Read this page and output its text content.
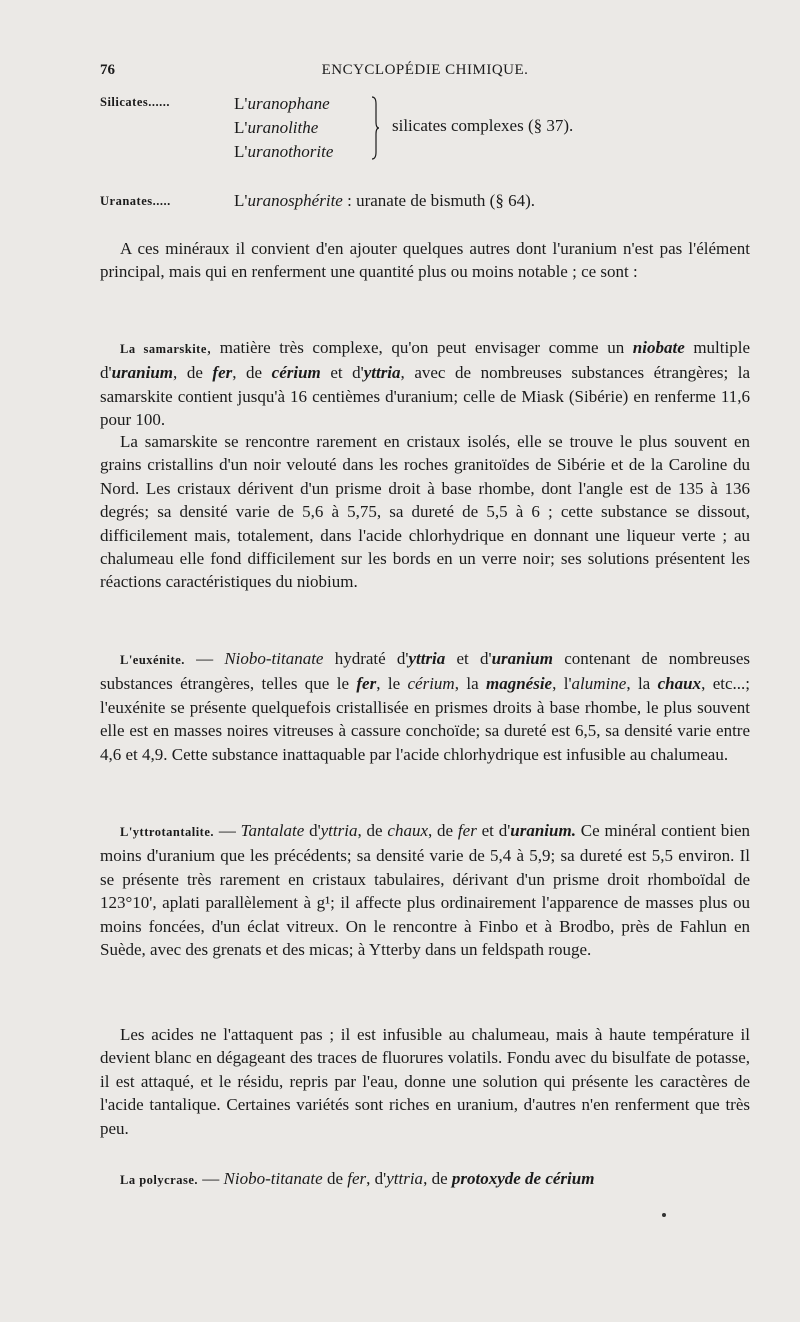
76	ENCYCLOPÉDIE CHIMIQUE.
Silicates......	L'uranophane
L'uranolithe
L'uranothorite
silicates complexes (§ 37).
Uranates.....	L'uranosphérite : uranate de bismuth (§ 64).
A ces minéraux il convient d'en ajouter quelques autres dont l'uranium n'est pas l'élément principal, mais qui en renferment une quantité plus ou moins notable ; ce sont :
La samarskite, matière très complexe, qu'on peut envisager comme un niobate multiple d'uranium, de fer, de cérium et d'yttria, avec de nombreuses substances étrangères; la samarskite contient jusqu'à 16 centièmes d'uranium; celle de Miask (Sibérie) en renferme 11,6 pour 100.
La samarskite se rencontre rarement en cristaux isolés, elle se trouve le plus souvent en grains cristallins d'un noir velouté dans les roches granitoïdes de Sibérie et de la Caroline du Nord. Les cristaux dérivent d'un prisme droit à base rhombe, dont l'angle est de 135 à 136 degrés; sa densité varie de 5,6 à 5,75, sa dureté de 5,5 à 6 ; cette substance se dissout, difficilement mais, totalement, dans l'acide chlorhydrique en donnant une liqueur verte ; au chalumeau elle fond difficilement sur les bords en un verre noir; ses solutions présentent les réactions caractéristiques du niobium.
L'euxénite. — Niobo-titanate hydraté d'yttria et d'uranium contenant de nombreuses substances étrangères, telles que le fer, le cérium, la magnésie, l'alumine, la chaux, etc...; l'euxénite se présente quelquefois cristallisée en prismes droits à base rhombe, le plus souvent elle est en masses noires vitreuses à cassure conchoïde; sa dureté est 6,5, sa densité varie entre 4,6 et 4,9. Cette substance inattaquable par l'acide chlorhydrique est infusible au chalumeau.
L'yttrotantalite. — Tantalate d'yttria, de chaux, de fer et d'uranium. Ce minéral contient bien moins d'uranium que les précédents; sa densité varie de 5,4 à 5,9; sa dureté est 5,5 environ. Il se présente très rarement en cristaux tabulaires, dérivant d'un prisme droit rhomboïdal de 123°10', aplati parallèlement à g¹; il affecte plus ordinairement l'apparence de masses plus ou moins foncées, d'un éclat vitreux. On le rencontre à Finbo et à Brodbo, près de Fahlun en Suède, avec des grenats et des micas; à Ytterby dans un feldspath rouge.
Les acides ne l'attaquent pas ; il est infusible au chalumeau, mais à haute température il devient blanc en dégageant des traces de fluorures volatils. Fondu avec du bisulfate de potasse, il est attaqué, et le résidu, repris par l'eau, donne une solution qui présente les caractères de l'acide tantalique. Certaines variétés sont riches en uranium, d'autres n'en renferment que très peu.
La polycrase. — Niobo-titanate de fer, d'yttria, de protoxyde de cérium
